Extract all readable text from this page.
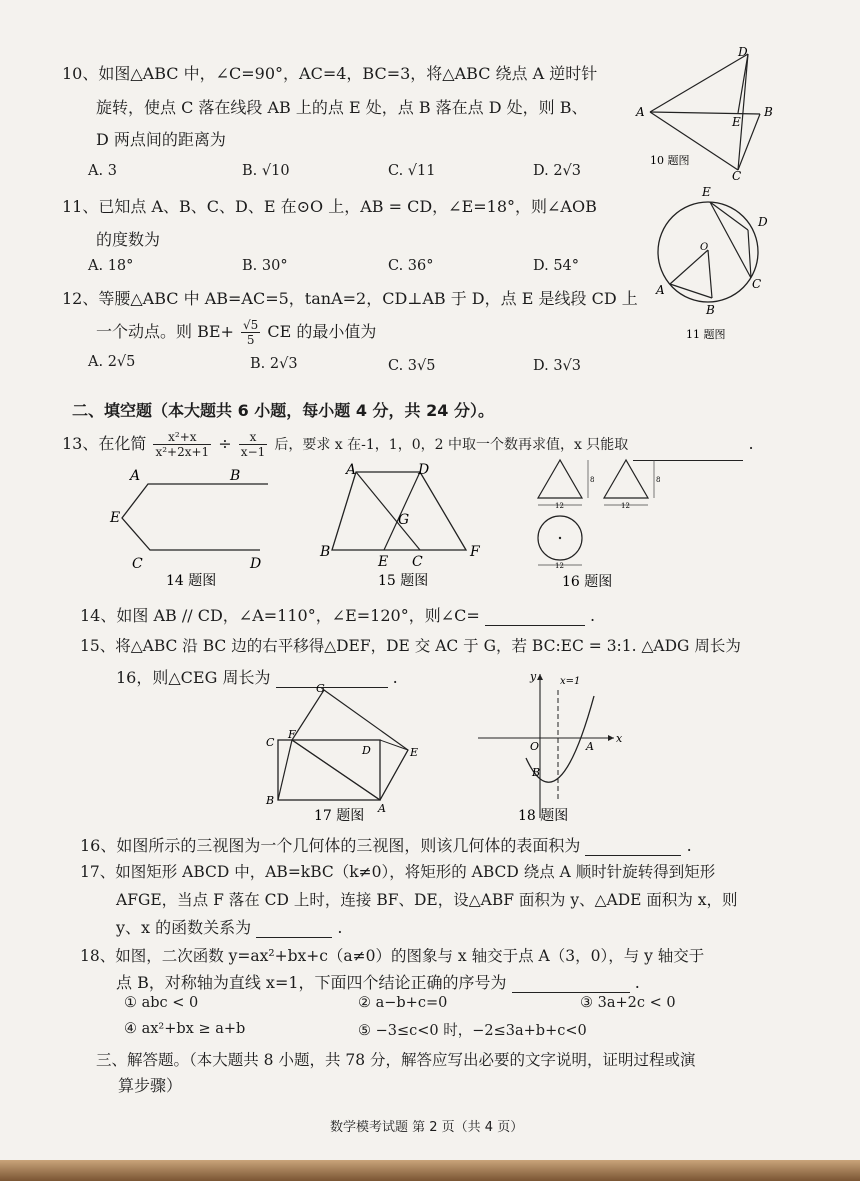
10、如图△ABC 中，∠C=90°，AC=4，BC=3，将△ABC 绕点 A 逆时针
旋转，使点 C 落在线段 AB 上的点 E 处，点 B 落在点 D 处，则 B、
D 两点间的距离为
A. 3	B. √10	C. √11	D. 2√3
D
A
E
B
C
10 题图
11、已知点 A、B、C、D、E 在⊙O 上，AB = CD，∠E=18°，则∠AOB
的度数为
A. 18°	B. 30°	C. 36°	D. 54°
E
D
O
A	C
B
11 题图
12、等腰△ABC 中 AB=AC=5，tanA=2，CD⊥AB 于 D，点 E 是线段 CD 上
一个动点。则 $BE+ \frac{√5}{5}$ CE 的最小值为
A. 2√5	B. 2√3	C. 3√5	D. 3√3
二、填空题（本大题共 6 小题，每小题 4 分，共 24 分）。
13、在化简 $\frac{\text{x²+x}}{\text{x²+2x+1}} \div \frac{x}{x-1}$ 后，要求 x 在-1，1，0，2 中取一个数再求值，x 只能取	.
A	B
E
C	D
14 题图
A	D
G
B
E C
F
15 题图
8	8
12	12
12
16 题图
14、如图 AB // CD，∠A=110°，∠E=120°，则∠C=	.
15、将△ABC 沿 BC 边的右平移得△DEF，DE 交 AC 于 G，若 BC:EC = 3:1. △ADG 周长为
16，则△CEG 周长为	.
G
C
F
D	E
B
A
17 题图
y x=1
O	A
x
B
18 题图
16、如图所示的三视图为一个几何体的三视图，则该几何体的表面积为	.
17、如图矩形 ABCD 中，AB=kBC（k≠0），将矩形的 ABCD 绕点 A 顺时针旋转得到矩形
AFGE，当点 F 落在 CD 上时，连接 BF、DE，设△ABF 面积为 y、△ADE 面积为 x，则
y、x 的函数关系为	.
18、如图，二次函数 y=ax²+bx+c（a≠0）的图象与 x 轴交于点 A（3，0），与 y 轴交于
点 B，对称轴为直线 x=1，下面四个结论正确的序号为	.
① abc < 0	② a−b+c=0	③ 3a+2c < 0
④ ax²+bx ≥ a+b	⑤ −3≤c<0 时，−2≤3a+b+c<0
三、解答题。（本大题共 8 小题，共 78 分，解答应写出必要的文字说明，证明过程或演
算步骤）
数学模考试题 第 2 页（共 4 页）
